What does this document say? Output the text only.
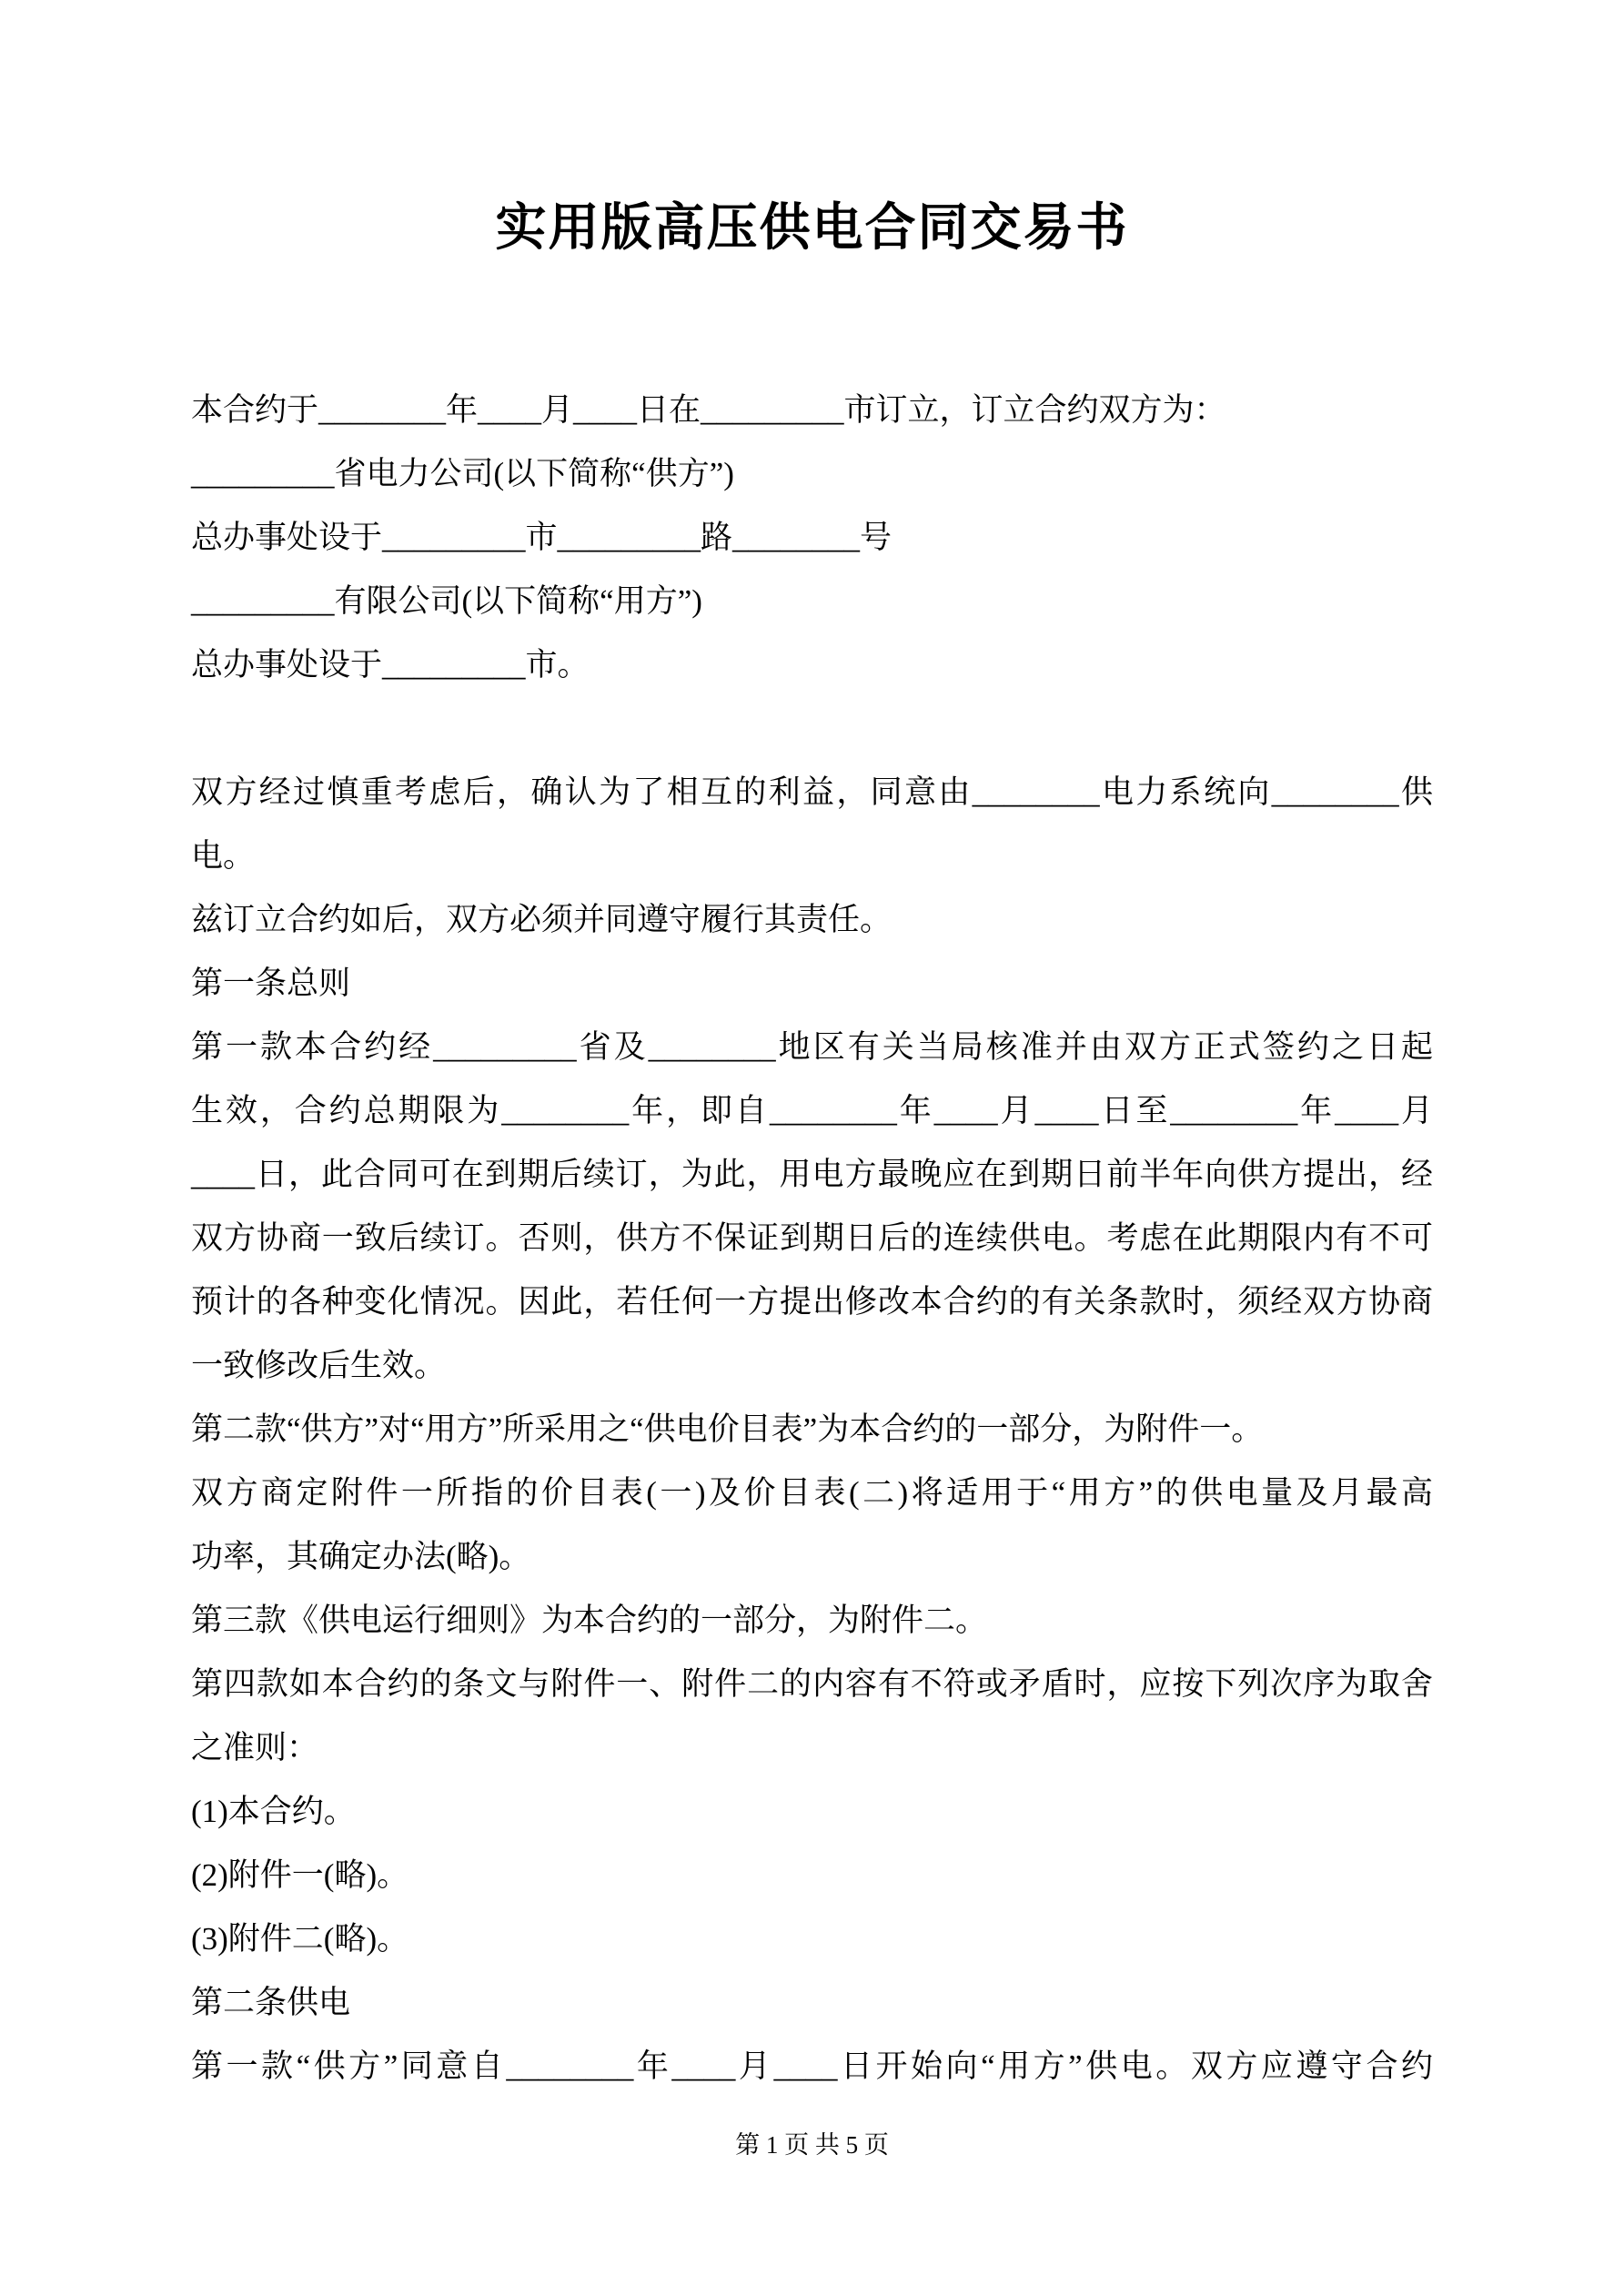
实用版高压供电合同交易书
本合约于________年____月____日在_________市订立，订立合约双方为：
_________省电力公司(以下简称“供方”)
总办事处设于_________市_________路________号
_________有限公司(以下简称“用方”)
总办事处设于_________市。
双方经过慎重考虑后，确认为了相互的利益，同意由________电力系统向________供
电。
兹订立合约如后，双方必须并同遵守履行其责任。
第一条总则
第一款本合约经_________省及________地区有关当局核准并由双方正式签约之日起
生效，合约总期限为________年，即自________年____月____日至________年____月
____日，此合同可在到期后续订，为此，用电方最晚应在到期日前半年向供方提出，经
双方协商一致后续订。否则，供方不保证到期日后的连续供电。考虑在此期限内有不可
预计的各种变化情况。因此，若任何一方提出修改本合约的有关条款时，须经双方协商
一致修改后生效。
第二款“供方”对“用方”所采用之“供电价目表”为本合约的一部分，为附件一。
双方商定附件一所指的价目表(一)及价目表(二)将适用于“用方”的供电量及月最高
功率，其确定办法(略)。
第三款《供电运行细则》为本合约的一部分，为附件二。
第四款如本合约的条文与附件一、附件二的内容有不符或矛盾时，应按下列次序为取舍
之准则：
(1)本合约。
(2)附件一(略)。
(3)附件二(略)。
第二条供电
第一款“供方”同意自________年____月____日开始向“用方”供电。双方应遵守合约
第 1 页 共 5 页
